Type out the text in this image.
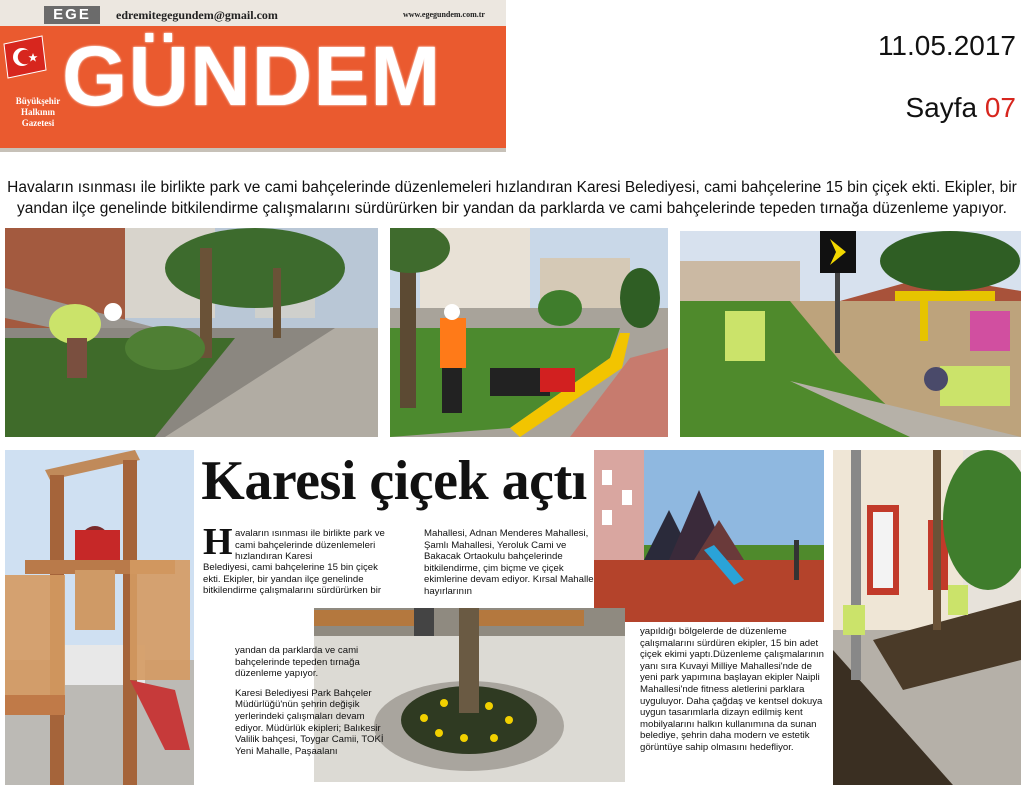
EGE	edremitegegundem@gmail.com	www.egegundem.com.tr
GÜNDEM
Büyükşehir
Halkının
Gazetesi
11.05.2017
Sayfa 07
Havaların ısınması ile birlikte park ve cami bahçelerinde düzenlemeleri hızlandıran Karesi Belediyesi, cami bahçelerine 15 bin çiçek ekti. Ekipler, bir yandan ilçe genelinde bitkilendirme çalışmalarını sürdürürken bir yandan da parklarda ve cami bahçelerinde tepeden tırnağa düzenleme yapıyor.
Karesi çiçek açtı
H avaların ısınması ile birlikte park ve cami bahçelerinde düzenlemeleri hızlandıran Karesi
Belediyesi, cami bahçelerine 15 bin çiçek ekti. Ekipler, bir yandan ilçe genelinde bitkilendirme çalışmalarını sürdürürken bir
yandan da parklarda ve cami bahçelerinde tepeden tırnağa düzenleme yapıyor.
Karesi Belediyesi Park Bahçeler Müdürlüğü'nün şehrin değişik yerlerindeki çalışmaları devam ediyor. Müdürlük ekipleri; Balıkesir Valilik bahçesi, Toygar Camii, TOKİ Yeni Mahalle, Paşaalanı
Mahallesi, Adnan Menderes Mahallesi, Şamlı Mahallesi, Yeroluk Cami ve Bakacak Ortaokulu bahçelerinde bitkilendirme, çim biçme ve çiçek ekimlerine devam ediyor. Kırsal Mahalle hayırlarının
yapıldığı bölgelerde de düzenleme çalışmalarını sürdüren ekipler, 15 bin adet çiçek ekimi yaptı.Düzenleme çalışmalarının yanı sıra Kuvayi Milliye Mahallesi'nde de yeni park yapımına başlayan ekipler Naipli Mahallesi'nde fitness aletlerini parklara uyguluyor. Daha çağdaş ve kentsel dokuya uygun tasarımlarla dizayn edilmiş kent mobilyalarını halkın kullanımına da sunan belediye, şehrin daha modern ve estetik görüntüye sahip olmasını hedefliyor.
